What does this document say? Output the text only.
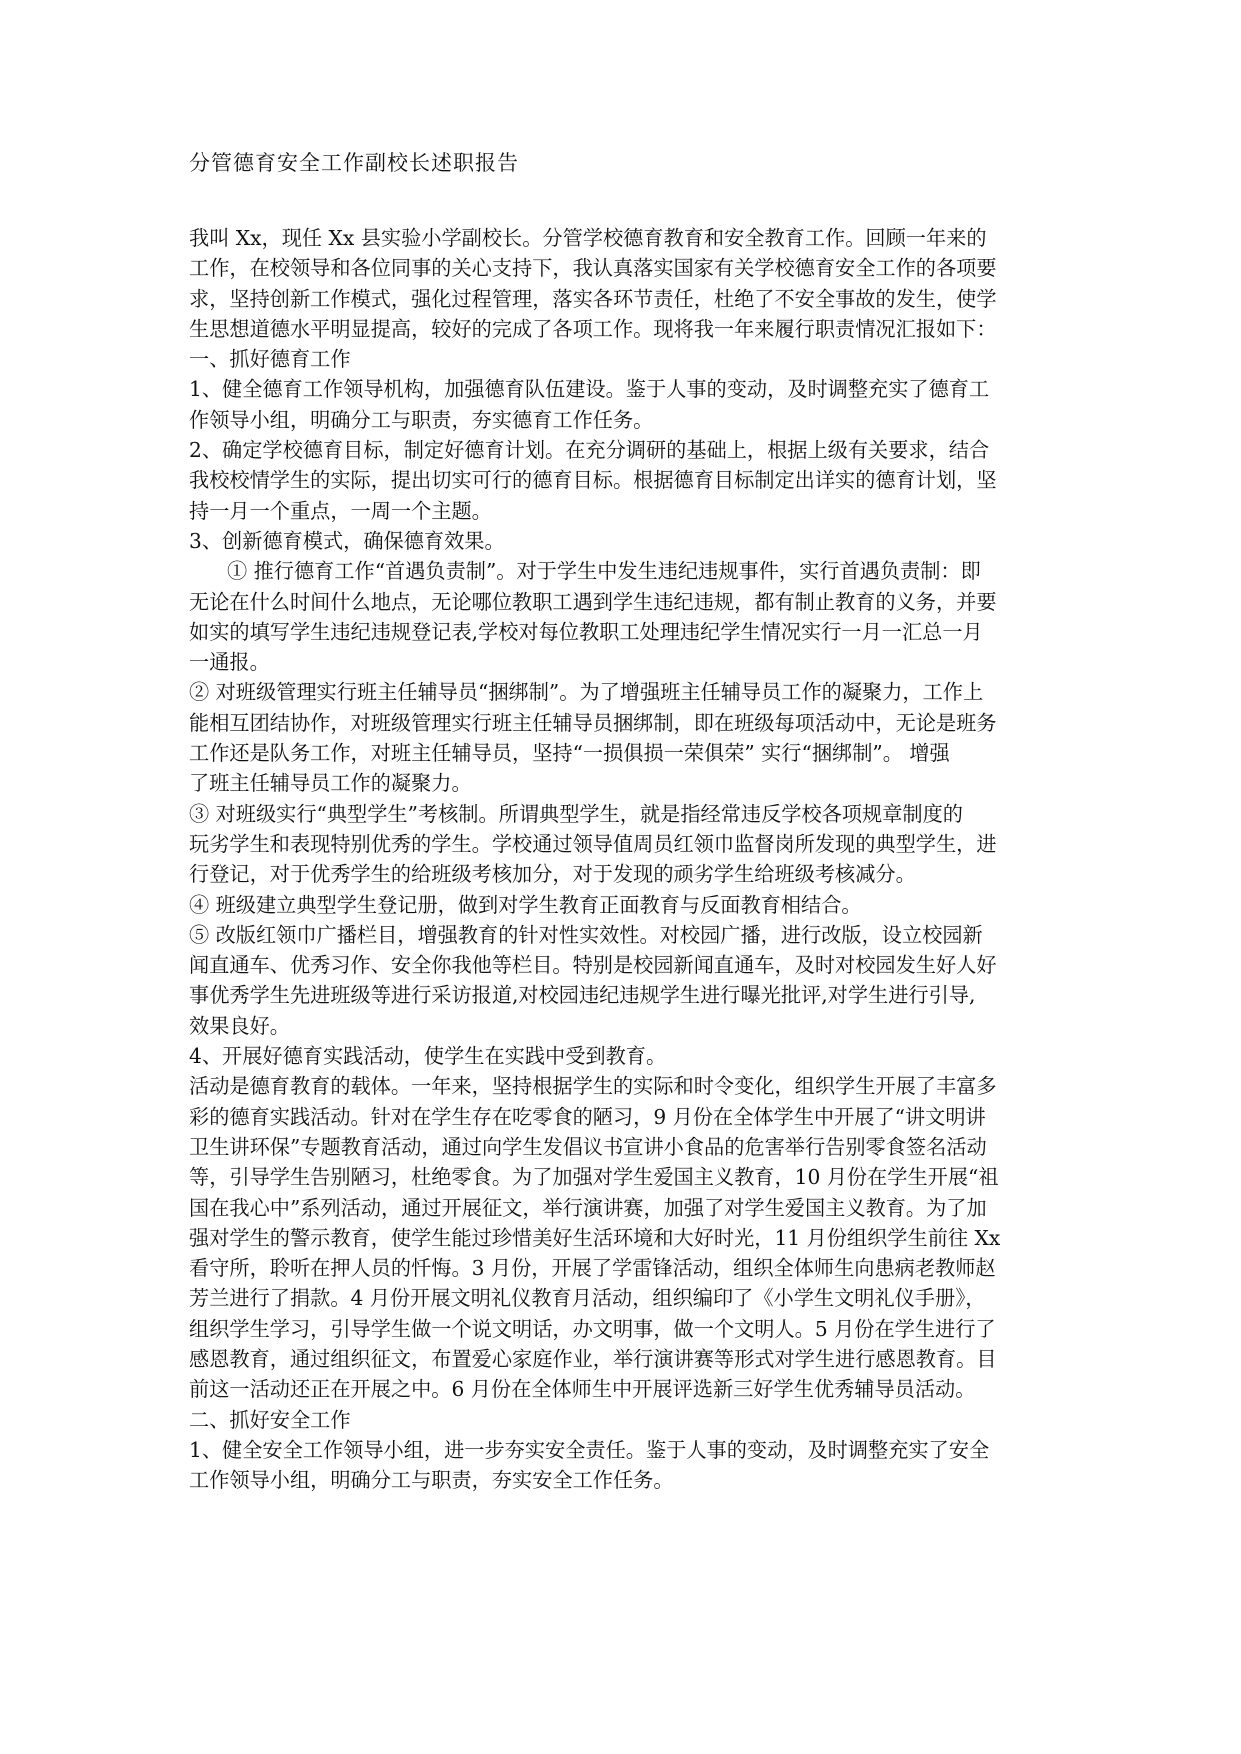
分管德育安全工作副校长述职报告
我叫 Xx，现任 Xx 县实验小学副校长。分管学校德育教育和安全教育工作。回顾一年来的
工作，在校领导和各位同事的关心支持下，我认真落实国家有关学校德育安全工作的各项要
求，坚持创新工作模式，强化过程管理，落实各环节责任，杜绝了不安全事故的发生，使学
生思想道德水平明显提高，较好的完成了各项工作。现将我一年来履行职责情况汇报如下：
一、抓好德育工作
1、健全德育工作领导机构，加强德育队伍建设。鉴于人事的变动，及时调整充实了德育工
作领导小组，明确分工与职责，夯实德育工作任务。
2、确定学校德育目标，制定好德育计划。在充分调研的基础上，根据上级有关要求，结合
我校校情学生的实际，提出切实可行的德育目标。根据德育目标制定出详实的德育计划，坚
持一月一个重点，一周一个主题。
3、创新德育模式，确保德育效果。
① 推行德育工作“首遇负责制”。对于学生中发生违纪违规事件，实行首遇负责制：即
无论在什么时间什么地点，无论哪位教职工遇到学生违纪违规，都有制止教育的义务，并要
如实的填写学生违纪违规登记表,学校对每位教职工处理违纪学生情况实行一月一汇总一月
一通报。
② 对班级管理实行班主任辅导员“捆绑制”。为了增强班主任辅导员工作的凝聚力，工作上
能相互团结协作，对班级管理实行班主任辅导员捆绑制，即在班级每项活动中，无论是班务
工作还是队务工作，对班主任辅导员，坚持“一损俱损一荣俱荣” 实行“捆绑制”。 增强
了班主任辅导员工作的凝聚力。
③ 对班级实行“典型学生”考核制。所谓典型学生，就是指经常违反学校各项规章制度的
玩劣学生和表现特别优秀的学生。学校通过领导值周员红领巾监督岗所发现的典型学生，进
行登记，对于优秀学生的给班级考核加分，对于发现的顽劣学生给班级考核减分。
④ 班级建立典型学生登记册，做到对学生教育正面教育与反面教育相结合。
⑤ 改版红领巾广播栏目，增强教育的针对性实效性。对校园广播，进行改版，设立校园新
闻直通车、优秀习作、安全你我他等栏目。特别是校园新闻直通车，及时对校园发生好人好
事优秀学生先进班级等进行采访报道,对校园违纪违规学生进行曝光批评,对学生进行引导,
效果良好。
4、开展好德育实践活动，使学生在实践中受到教育。
活动是德育教育的载体。一年来，坚持根据学生的实际和时令变化，组织学生开展了丰富多
彩的德育实践活动。针对在学生存在吃零食的陋习，9 月份在全体学生中开展了“讲文明讲
卫生讲环保”专题教育活动，通过向学生发倡议书宣讲小食品的危害举行告别零食签名活动
等，引导学生告别陋习，杜绝零食。为了加强对学生爱国主义教育，10 月份在学生开展“祖
国在我心中”系列活动，通过开展征文，举行演讲赛，加强了对学生爱国主义教育。为了加
强对学生的警示教育，使学生能过珍惜美好生活环境和大好时光，11 月份组织学生前往 Xx
看守所，聆听在押人员的忏悔。3 月份，开展了学雷锋活动，组织全体师生向患病老教师赵
芳兰进行了捐款。4 月份开展文明礼仪教育月活动，组织编印了《小学生文明礼仪手册》，
组织学生学习，引导学生做一个说文明话，办文明事，做一个文明人。5 月份在学生进行了
感恩教育，通过组织征文，布置爱心家庭作业，举行演讲赛等形式对学生进行感恩教育。目
前这一活动还正在开展之中。6 月份在全体师生中开展评选新三好学生优秀辅导员活动。
二、抓好安全工作
1、健全安全工作领导小组，进一步夯实安全责任。鉴于人事的变动，及时调整充实了安全
工作领导小组，明确分工与职责，夯实安全工作任务。
